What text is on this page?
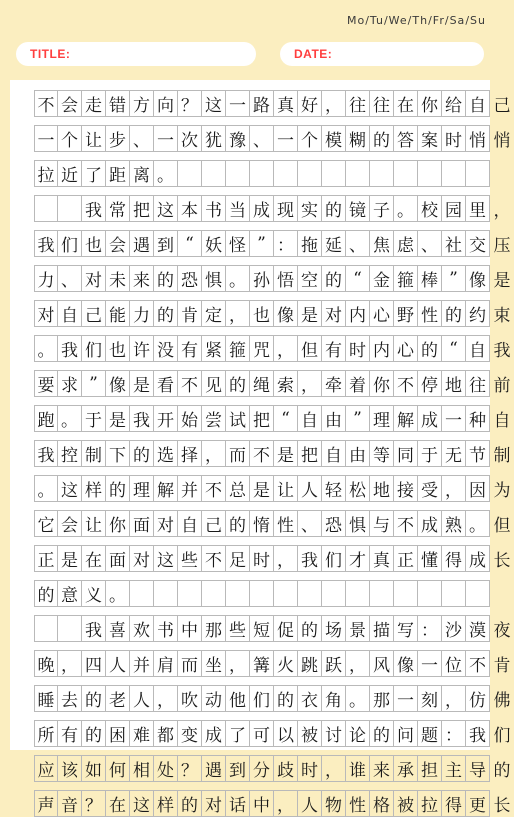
Mo/Tu/We/Th/Fr/Sa/Su
TITLE:	DATE:
不 会 走 错 方 向 ？ 这 一 路 真 好 ， 往 往 在 你 给 自 己
一 个 让 步 、 一 次 犹 豫 、 一 个 模 糊 的 答 案 时 悄 悄
拉 近 了 距 离 。
我 常 把 这 本 书 当 成 现 实 的 镜 子 。 校 园 里 ，
我 们 也 会 遇 到 “ 妖 怪 ” ： 拖 延 、 焦 虑 、 社 交 压
力 、 对 未 来 的 恐 惧 。 孙 悟 空 的 “ 金 箍 棒 ” 像 是
对 自 己 能 力 的 肯 定 ， 也 像 是 对 内 心 野 性 的 约 束
。 我 们 也 许 没 有 紧 箍 咒 ， 但 有 时 内 心 的 “ 自 我
要 求 ” 像 是 看 不 见 的 绳 索 ， 牵 着 你 不 停 地 往 前
跑 。 于 是 我 开 始 尝 试 把 “ 自 由 ” 理 解 成 一 种 自
我 控 制 下 的 选 择 ， 而 不 是 把 自 由 等 同 于 无 节 制
。 这 样 的 理 解 并 不 总 是 让 人 轻 松 地 接 受 ， 因 为
它 会 让 你 面 对 自 己 的 惰 性 、 恐 惧 与 不 成 熟 。 但
正 是 在 面 对 这 些 不 足 时 ， 我 们 才 真 正 懂 得 成 长
的 意 义 。
我 喜 欢 书 中 那 些 短 促 的 场 景 描 写 ： 沙 漠 夜
晚 ， 四 人 并 肩 而 坐 ， 篝 火 跳 跃 ， 风 像 一 位 不 肯
睡 去 的 老 人 ， 吹 动 他 们 的 衣 角 。 那 一 刻 ， 仿 佛
所 有 的 困 难 都 变 成 了 可 以 被 讨 论 的 问 题 ： 我 们
应 该 如 何 相 处 ？ 遇 到 分 歧 时 ， 谁 来 承 担 主 导 的
声 音 ？ 在 这 样 的 对 话 中 ， 人 物 性 格 被 拉 得 更 长
